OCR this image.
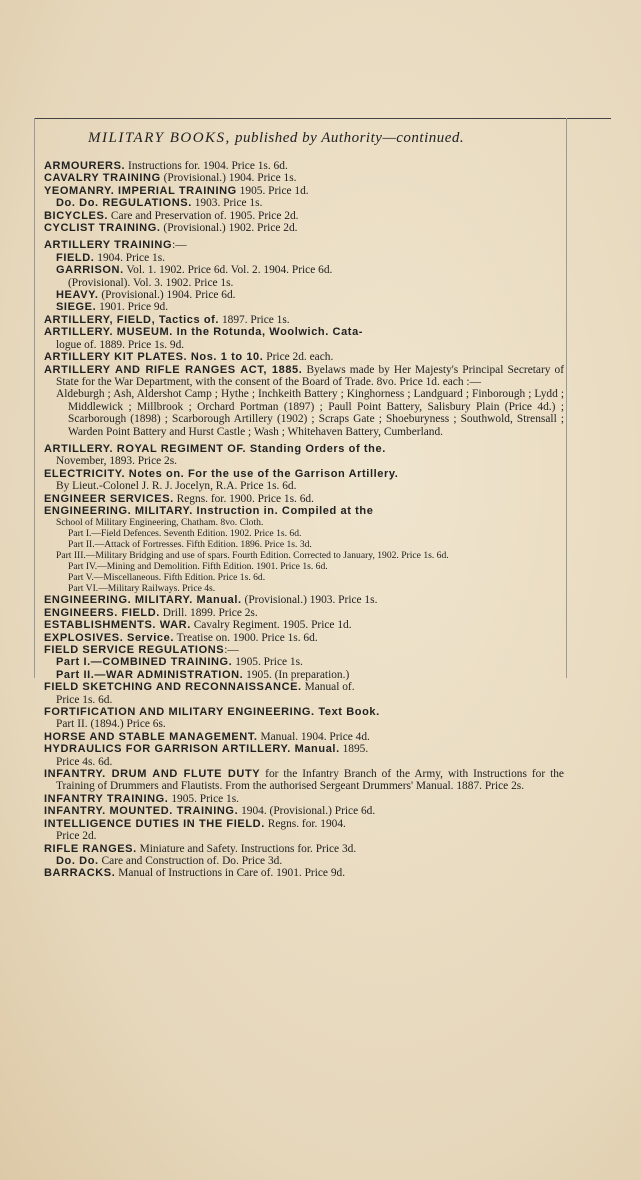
MILITARY BOOKS, published by Authority—continued.

ARMOURERS. Instructions for. 1904. Price 1s. 6d.

CAVALRY TRAINING (Provisional.) 1904. Price 1s.

YEOMANRY. IMPERIAL TRAINING 1905. Price 1d.

Do. Do. REGULATIONS. 1903. Price 1s.

BICYCLES. Care and Preservation of. 1905. Price 2d.

CYCLIST TRAINING. (Provisional.) 1902. Price 2d.

ARTILLERY TRAINING:—

FIELD. 1904. Price 1s.

GARRISON. Vol. 1. 1902. Price 6d. Vol. 2. 1904. Price 6d.

(Provisional). Vol. 3. 1902. Price 1s.

HEAVY. (Provisional.) 1904. Price 6d.

SIEGE. 1901. Price 9d.

ARTILLERY, FIELD, Tactics of. 1897. Price 1s.

ARTILLERY. MUSEUM. In the Rotunda, Woolwich. Cata-

logue of. 1889. Price 1s. 9d.

ARTILLERY KIT PLATES. Nos. 1 to 10. Price 2d. each.

ARTILLERY AND RIFLE RANGES ACT, 1885. Byelaws made by Her Majesty's Principal Secretary of State for the War Department, with the consent of the Board of Trade. 8vo. Price 1d. each :—

Aldeburgh ; Ash, Aldershot Camp ; Hythe ; Inchkeith Battery ; Kinghorness ; Landguard ; Finborough ; Lydd ; Middlewick ; Millbrook ; Orchard Portman (1897) ; Paull Point Battery, Salisbury Plain (Price 4d.) ; Scarborough (1898) ; Scarborough Artillery (1902) ; Scraps Gate ; Shoeburyness ; Southwold, Strensall ; Warden Point Battery and Hurst Castle ; Wash ; Whitehaven Battery, Cumberland.

ARTILLERY. ROYAL REGIMENT OF. Standing Orders of the.

November, 1893. Price 2s.

ELECTRICITY. Notes on. For the use of the Garrison Artillery.

By Lieut.-Colonel J. R. J. Jocelyn, R.A. Price 1s. 6d.

ENGINEER SERVICES. Regns. for. 1900. Price 1s. 6d.

ENGINEERING. MILITARY. Instruction in. Compiled at the

School of Military Engineering, Chatham. 8vo. Cloth.

Part I.—Field Defences. Seventh Edition. 1902. Price 1s. 6d.

Part II.—Attack of Fortresses. Fifth Edition. 1896. Price 1s. 3d.

Part III.—Military Bridging and use of spars. Fourth Edition. Corrected to January, 1902. Price 1s. 6d.

Part IV.—Mining and Demolition. Fifth Edition. 1901. Price 1s. 6d.

Part V.—Miscellaneous. Fifth Edition. Price 1s. 6d.

Part VI.—Military Railways. Price 4s.

ENGINEERING. MILITARY. Manual. (Provisional.) 1903. Price 1s.

ENGINEERS. FIELD. Drill. 1899. Price 2s.

ESTABLISHMENTS. WAR. Cavalry Regiment. 1905. Price 1d.

EXPLOSIVES. Service. Treatise on. 1900. Price 1s. 6d.

FIELD SERVICE REGULATIONS:—

Part I.—COMBINED TRAINING. 1905. Price 1s.

Part II.—WAR ADMINISTRATION. 1905. (In preparation.)

FIELD SKETCHING AND RECONNAISSANCE. Manual of.

Price 1s. 6d.

FORTIFICATION AND MILITARY ENGINEERING. Text Book.

Part II. (1894.) Price 6s.

HORSE AND STABLE MANAGEMENT. Manual. 1904. Price 4d.

HYDRAULICS FOR GARRISON ARTILLERY. Manual. 1895.

Price 4s. 6d.

INFANTRY. DRUM AND FLUTE DUTY for the Infantry Branch of the Army, with Instructions for the Training of Drummers and Flautists. From the authorised Sergeant Drummers' Manual. 1887. Price 2s.

INFANTRY TRAINING. 1905. Price 1s.

INFANTRY. MOUNTED. TRAINING. 1904. (Provisional.) Price 6d.

INTELLIGENCE DUTIES IN THE FIELD. Regns. for. 1904.

Price 2d.

RIFLE RANGES. Miniature and Safety. Instructions for. Price 3d.

Do. Do. Care and Construction of. Do. Price 3d.

BARRACKS. Manual of Instructions in Care of. 1901. Price 9d.
